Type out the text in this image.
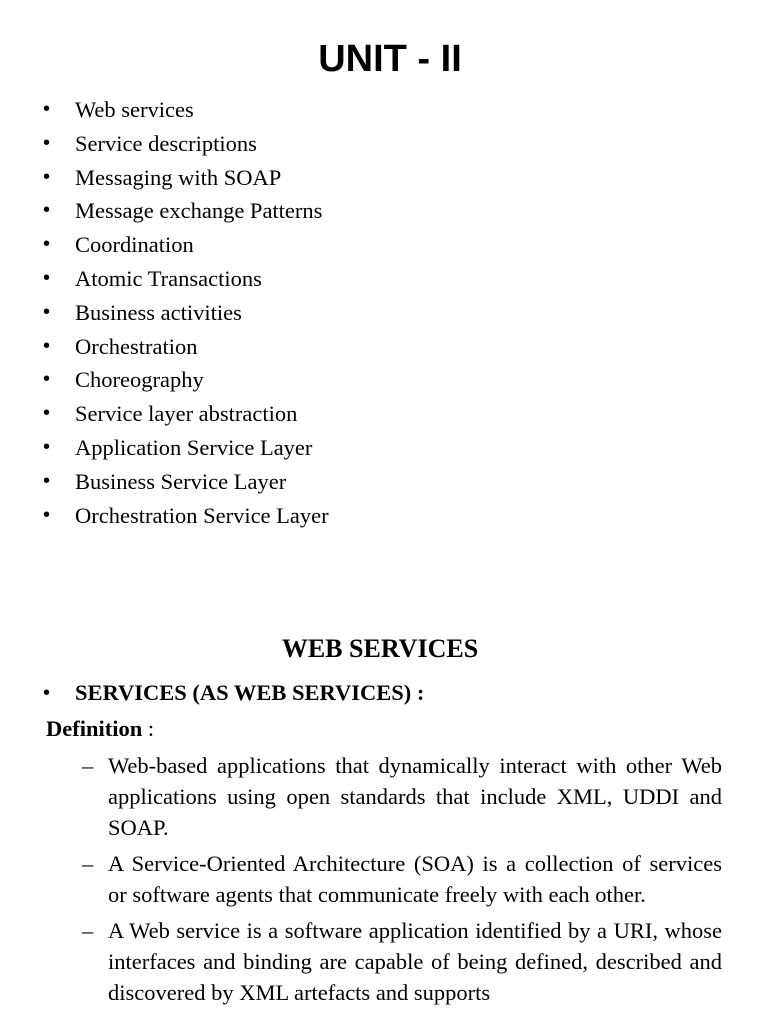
UNIT - II
• Web services
• Service descriptions
• Messaging with SOAP
• Message exchange Patterns
• Coordination
• Atomic Transactions
• Business activities
• Orchestration
• Choreography
• Service layer abstraction
• Application Service Layer
• Business Service Layer
• Orchestration Service Layer
WEB SERVICES
• SERVICES (AS WEB SERVICES) :
Definition :
– Web-based applications that dynamically interact with other Web applications using open standards that include XML, UDDI and SOAP.
– A Service-Oriented Architecture (SOA) is a collection of services or software agents that communicate freely with each other.
– A Web service is a software application identified by a URI, whose interfaces and binding are capable of being defined, described and discovered by XML artefacts and supports
